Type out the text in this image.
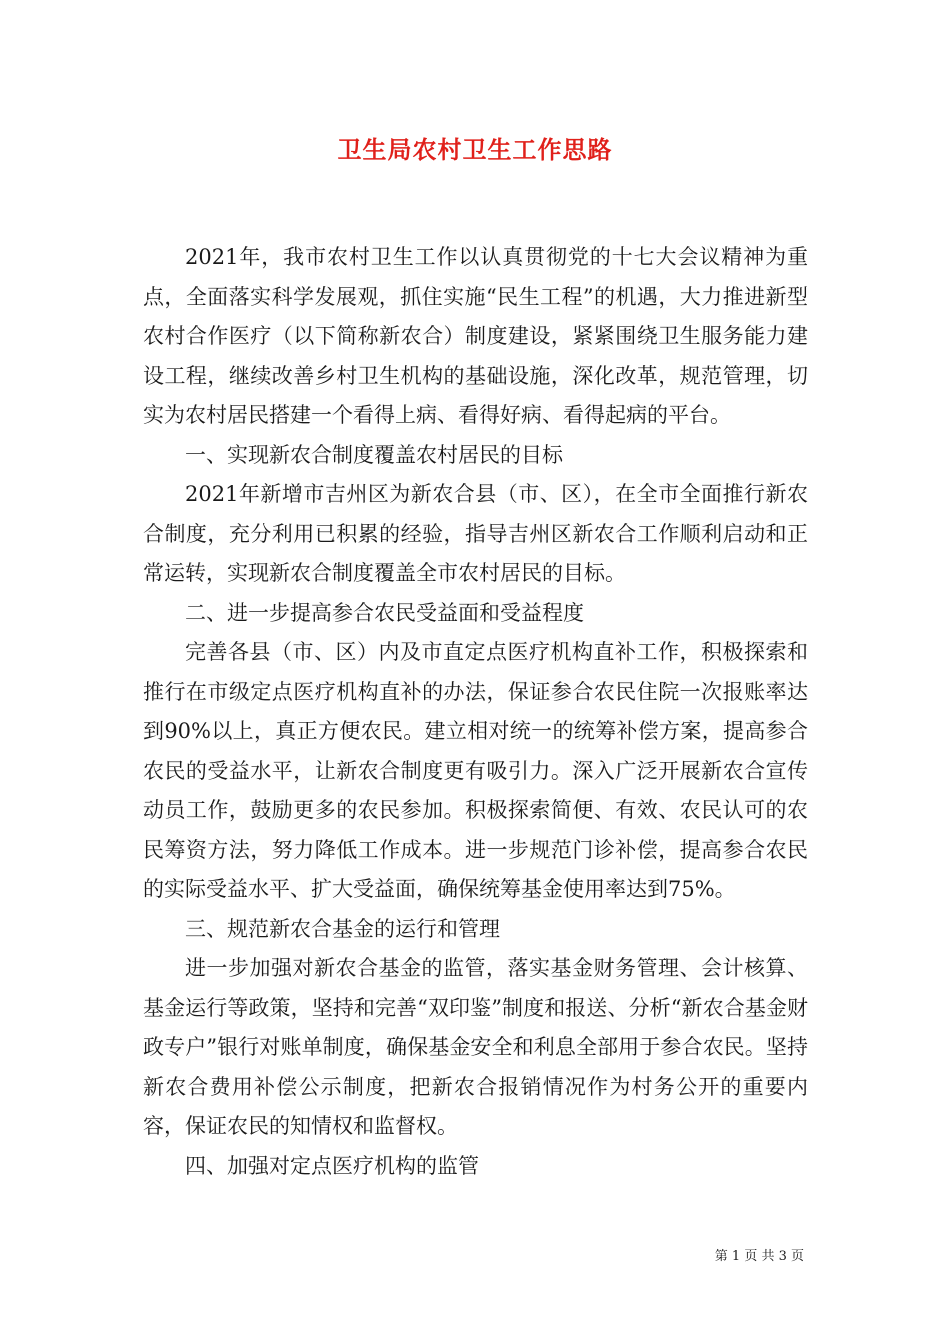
卫生局农村卫生工作思路

2021年，我市农村卫生工作以认真贯彻党的十七大会议精神为重点，全面落实科学发展观，抓住实施“民生工程”的机遇，大力推进新型农村合作医疗（以下简称新农合）制度建设，紧紧围绕卫生服务能力建设工程，继续改善乡村卫生机构的基础设施，深化改革，规范管理，切实为农村居民搭建一个看得上病、看得好病、看得起病的平台。

一、实现新农合制度覆盖农村居民的目标

2021年新增市吉州区为新农合县（市、区），在全市全面推行新农合制度，充分利用已积累的经验，指导吉州区新农合工作顺利启动和正常运转，实现新农合制度覆盖全市农村居民的目标。

二、进一步提高参合农民受益面和受益程度

完善各县（市、区）内及市直定点医疗机构直补工作，积极探索和推行在市级定点医疗机构直补的办法，保证参合农民住院一次报账率达到90%以上，真正方便农民。建立相对统一的统筹补偿方案，提高参合农民的受益水平，让新农合制度更有吸引力。深入广泛开展新农合宣传动员工作，鼓励更多的农民参加。积极探索简便、有效、农民认可的农民筹资方法，努力降低工作成本。进一步规范门诊补偿，提高参合农民的实际受益水平、扩大受益面，确保统筹基金使用率达到75%。

三、规范新农合基金的运行和管理

进一步加强对新农合基金的监管，落实基金财务管理、会计核算、基金运行等政策，坚持和完善“双印鉴”制度和报送、分析“新农合基金财政专户”银行对账单制度，确保基金安全和利息全部用于参合农民。坚持新农合费用补偿公示制度，把新农合报销情况作为村务公开的重要内容，保证农民的知情权和监督权。

四、加强对定点医疗机构的监管

第 1 页 共 3 页
